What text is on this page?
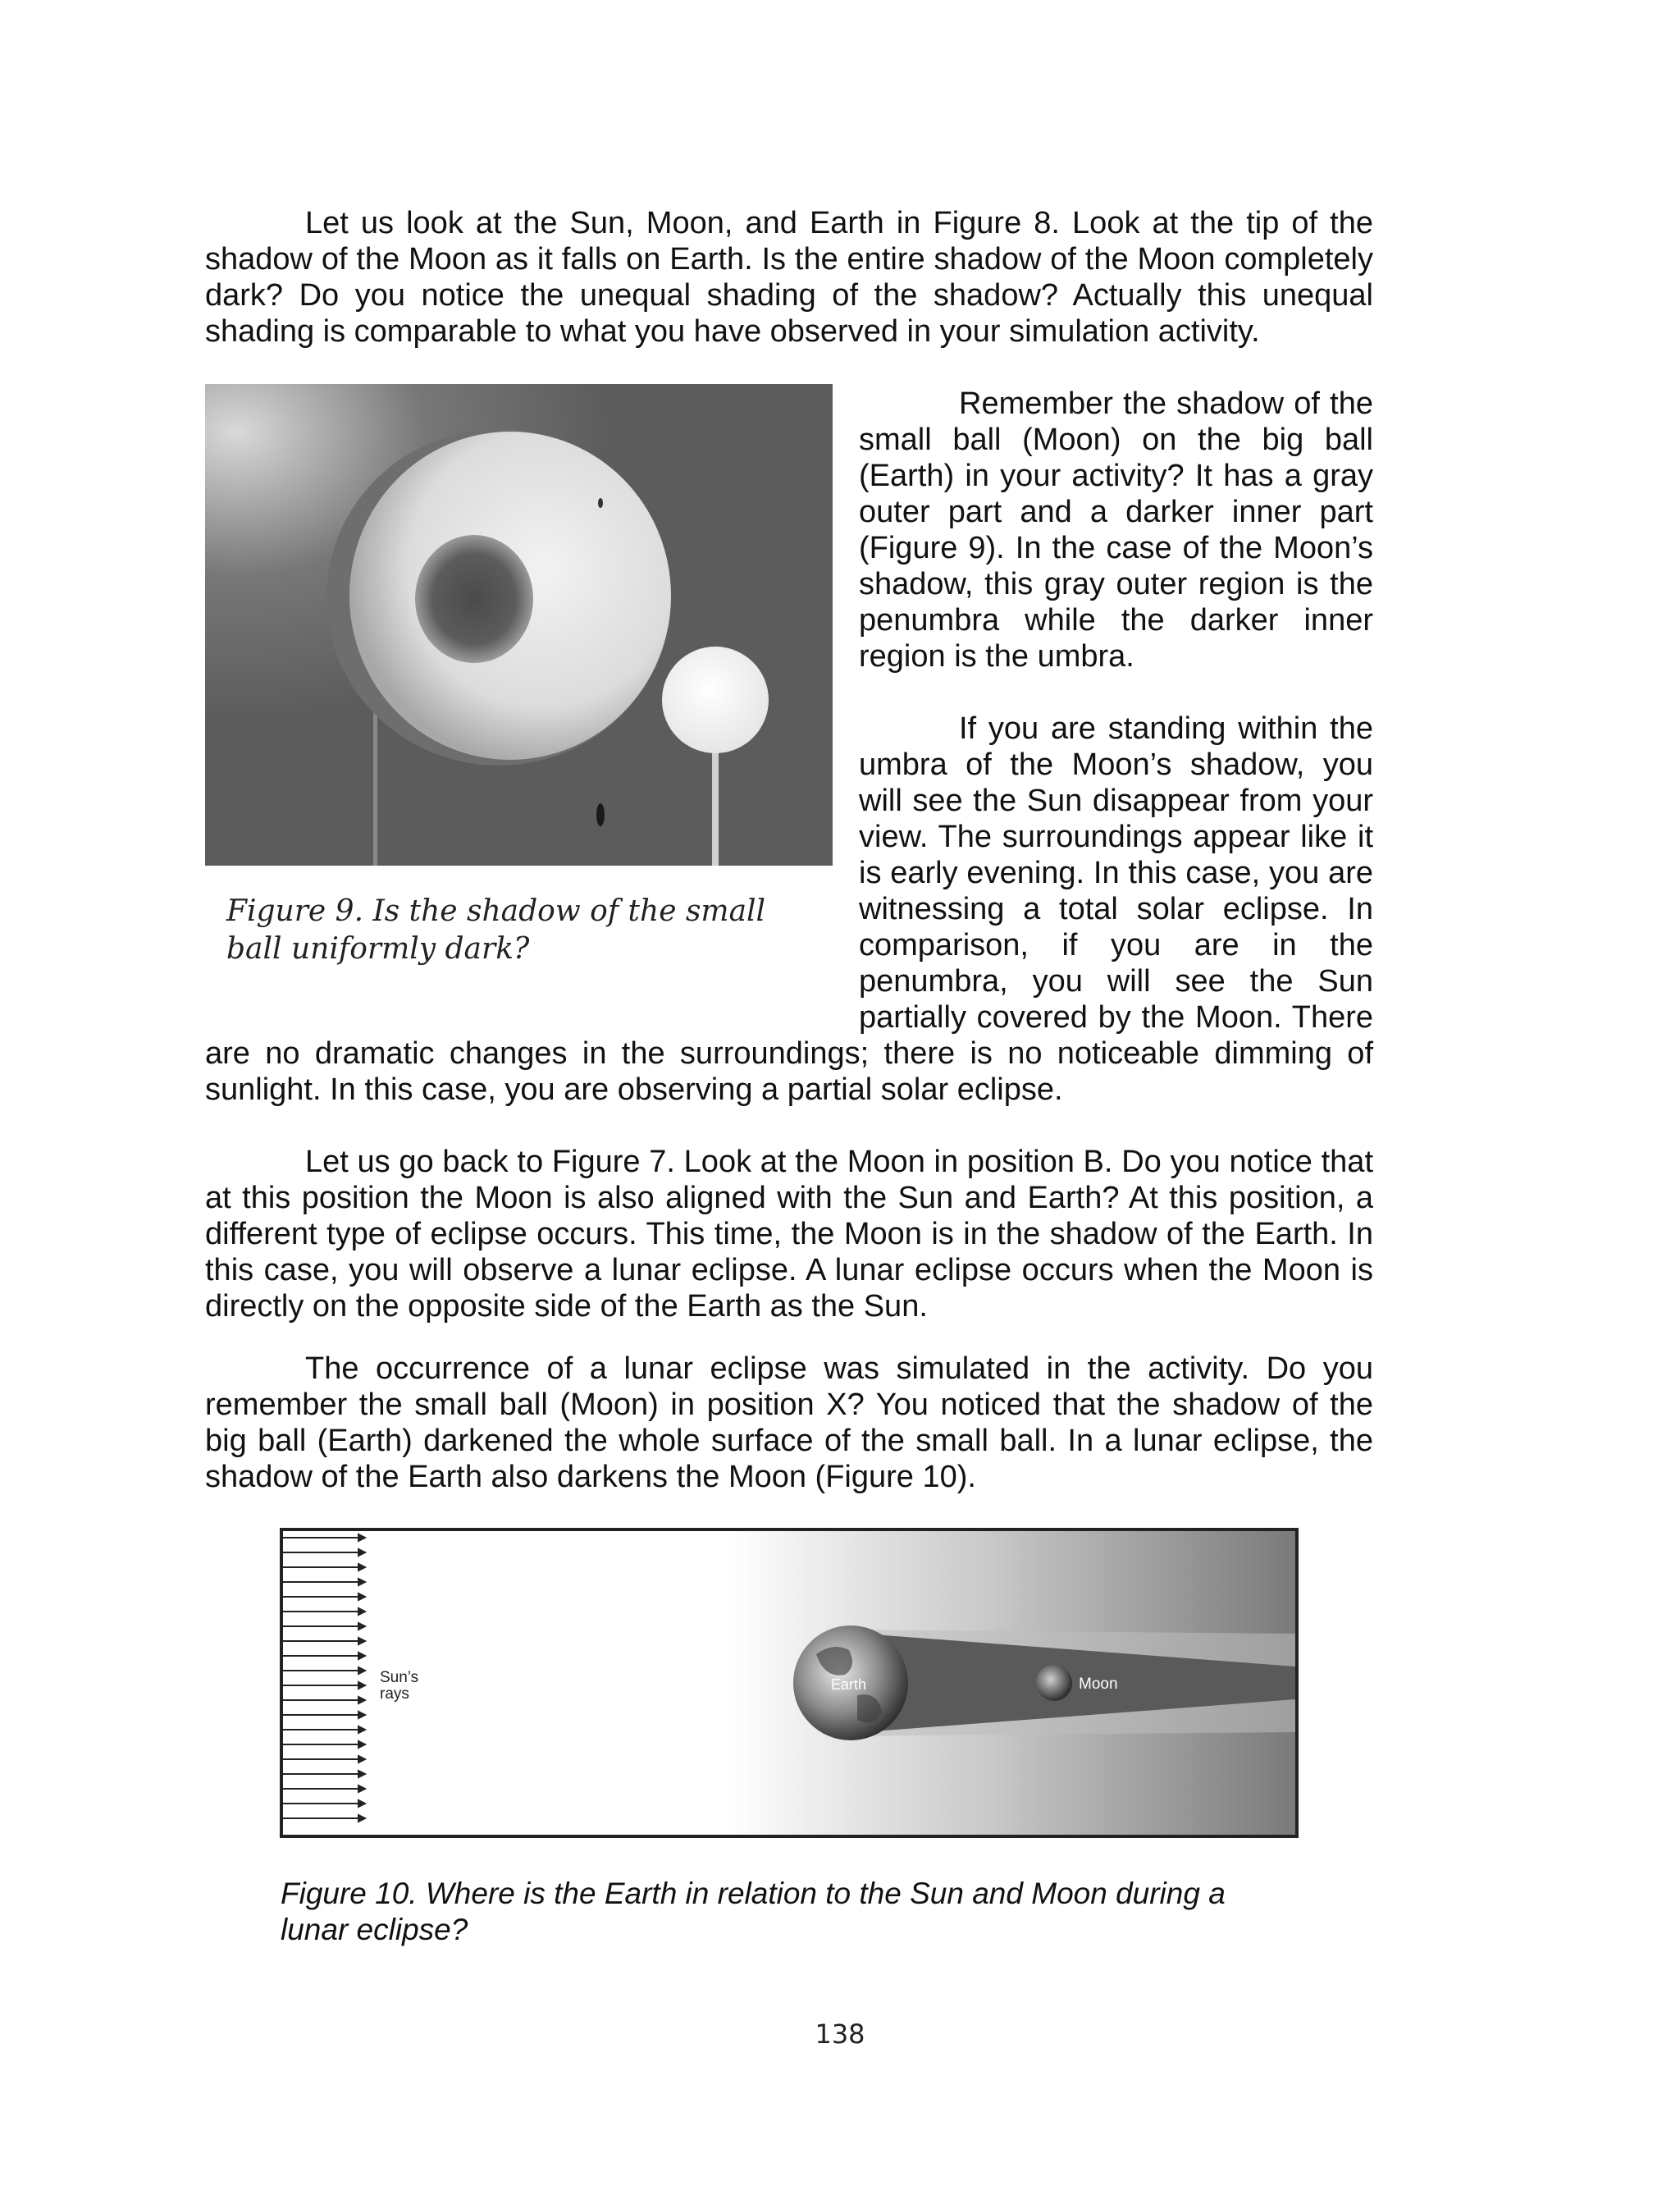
Let us look at the Sun, Moon, and Earth in Figure 8. Look at the tip of the shadow of the Moon as it falls on Earth. Is the entire shadow of the Moon completely dark? Do you notice the unequal shading of the shadow? Actually this unequal shading is comparable to what you have observed in your simulation activity.

Figure 9. Is the shadow of the small ball uniformly dark?

Remember the shadow of the small ball (Moon) on the big ball (Earth) in your activity? It has a gray outer part and a darker inner part (Figure 9). In the case of the Moon’s shadow, this gray outer region is the penumbra while the darker inner region is the umbra.
If you are standing within the umbra of the Moon’s shadow, you will see the Sun disappear from your view. The surroundings appear like it is early evening. In this case, you are witnessing a total solar eclipse. In comparison, if you are in the penumbra, you will see the Sun partially covered by the Moon. There are no dramatic changes in the surroundings; there is no noticeable dimming of sunlight. In this case, you are observing a partial solar eclipse.

Let us go back to Figure 7. Look at the Moon in position B. Do you notice that at this position the Moon is also aligned with the Sun and Earth? At this position, a different type of eclipse occurs. This time, the Moon is in the shadow of the Earth. In this case, you will observe a lunar eclipse. A lunar eclipse occurs when the Moon is directly on the opposite side of the Earth as the Sun.

The occurrence of a lunar eclipse was simulated in the activity. Do you remember the small ball (Moon) in position X? You noticed that the shadow of the big ball (Earth) darkened the whole surface of the small ball. In a lunar eclipse, the shadow of the Earth also darkens the Moon (Figure 10).

Sun’s
rays
Earth	Moon

Figure 10. Where is the Earth in relation to the Sun and Moon during a lunar eclipse?

138
